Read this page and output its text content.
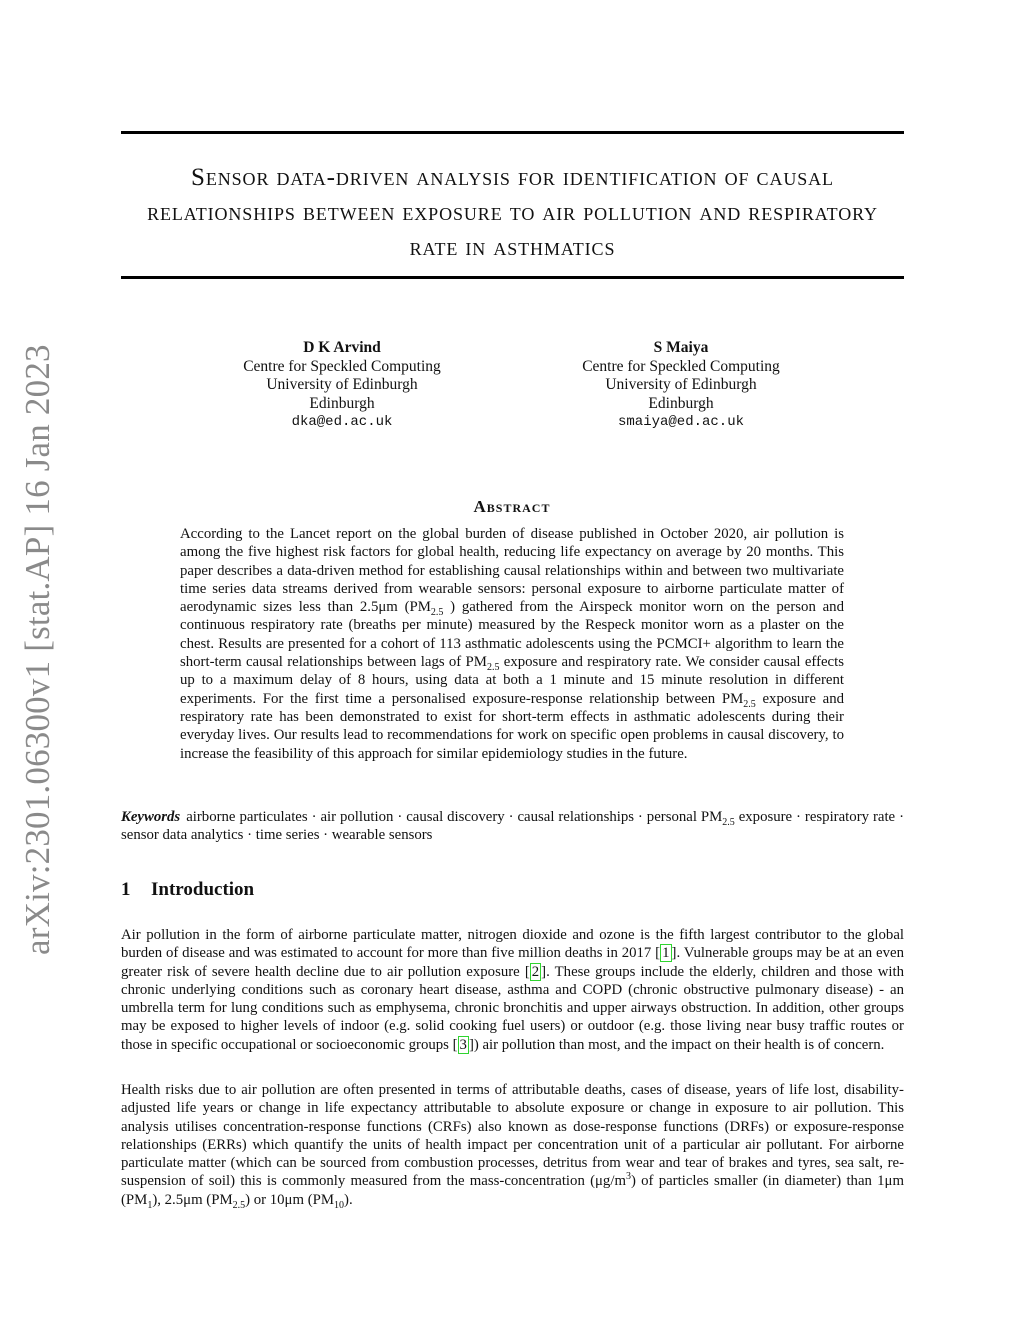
arXiv:2301.06300v1 [stat.AP] 16 Jan 2023
Sensor data-driven analysis for identification of causal relationships between exposure to air pollution and respiratory rate in asthmatics
D K Arvind
Centre for Speckled Computing
University of Edinburgh
Edinburgh
dka@ed.ac.uk
S Maiya
Centre for Speckled Computing
University of Edinburgh
Edinburgh
smaiya@ed.ac.uk
Abstract
According to the Lancet report on the global burden of disease published in October 2020, air pollution is among the five highest risk factors for global health, reducing life expectancy on average by 20 months. This paper describes a data-driven method for establishing causal relationships within and between two multivariate time series data streams derived from wearable sensors: personal exposure to airborne particulate matter of aerodynamic sizes less than 2.5μm ($PM_{2.5}$ ) gathered from the Airspeck monitor worn on the person and continuous respiratory rate (breaths per minute) measured by the Respeck monitor worn as a plaster on the chest. Results are presented for a cohort of 113 asthmatic adolescents using the PCMCI+ algorithm to learn the short-term causal relationships between lags of $PM_{2.5}$ exposure and respiratory rate. We consider causal effects up to a maximum delay of 8 hours, using data at both a 1 minute and 15 minute resolution in different experiments. For the first time a personalised exposure-response relationship between $PM_{2.5}$ exposure and respiratory rate has been demonstrated to exist for short-term effects in asthmatic adolescents during their everyday lives. Our results lead to recommendations for work on specific open problems in causal discovery, to increase the feasibility of this approach for similar epidemiology studies in the future.
Keywords airborne particulates · air pollution · causal discovery · causal relationships · personal $PM_{2.5}$ exposure · respiratory rate · sensor data analytics · time series · wearable sensors
1 Introduction

Air pollution in the form of airborne particulate matter, nitrogen dioxide and ozone is the fifth largest contributor to the global burden of disease and was estimated to account for more than five million deaths in 2017 [ 1 ]. Vulnerable groups may be at an even greater risk of severe health decline due to air pollution exposure [ 2 ]. These groups include the elderly, children and those with chronic underlying conditions such as coronary heart disease, asthma and COPD (chronic obstructive pulmonary disease) - an umbrella term for lung conditions such as emphysema, chronic bronchitis and upper airways obstruction. In addition, other groups may be exposed to higher levels of indoor (e.g. solid cooking fuel users) or outdoor (e.g. those living near busy traffic routes or those in specific occupational or socioeconomic groups [ 3 ]) air pollution than most, and the impact on their health is of concern.

Health risks due to air pollution are often presented in terms of attributable deaths, cases of disease, years of life lost, disability-adjusted life years or change in life expectancy attributable to absolute exposure or change in exposure to air pollution. This analysis utilises concentration-response functions (CRFs) also known as dose-response functions (DRFs) or exposure-response relationships (ERRs) which quantify the units of health impact per concentration unit of a particular air pollutant. For airborne particulate matter (which can be sourced from combustion processes, detritus from wear and tear of brakes and tyres, sea salt, re-suspension of soil) this is commonly measured from the mass-concentration $(\mu g/m^3)$ of particles smaller (in diameter) than 1μm $(PM_1)$, 2.5μm $(PM_{2.5})$ or 10μm $(PM_{10})$.
